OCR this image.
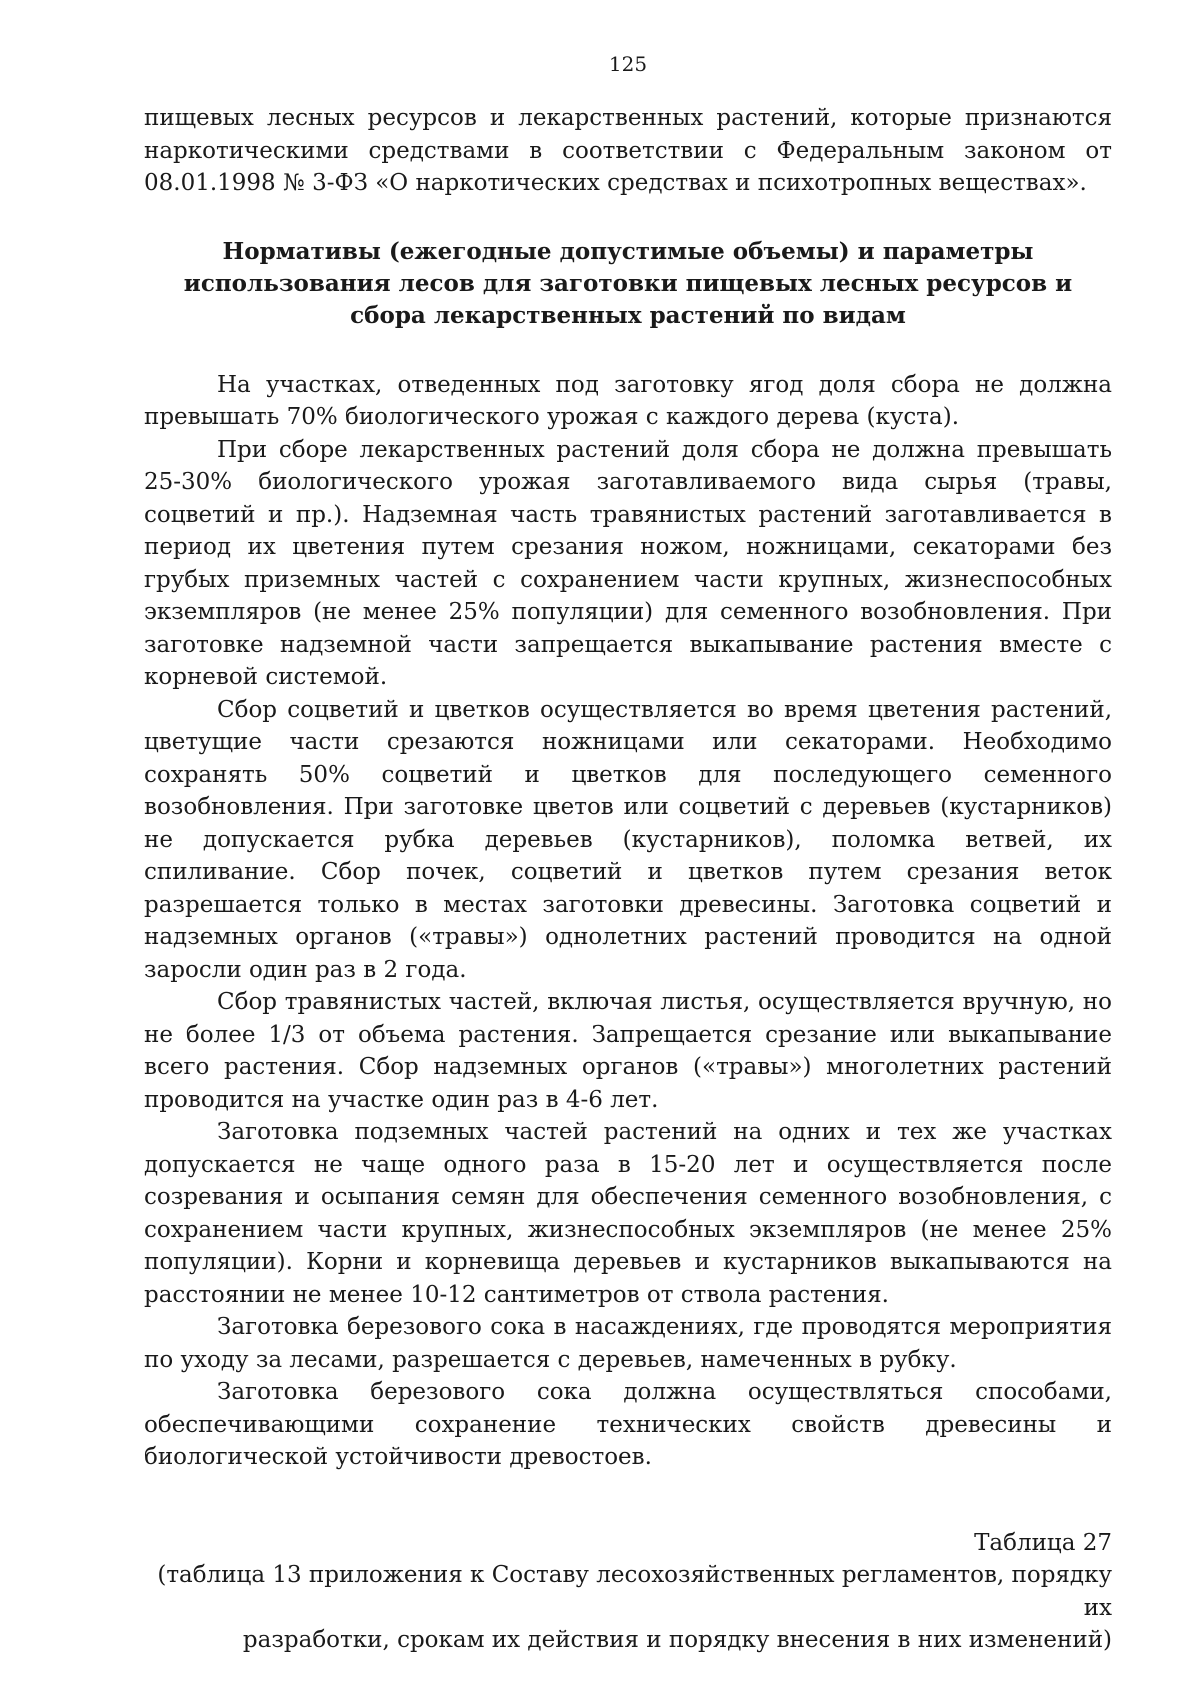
125

пищевых лесных ресурсов и лекарственных растений, которые признаются наркотическими средствами в соответствии с Федеральным законом от 08.01.1998 № 3-ФЗ «О наркотических средствах и психотропных веществах».

Нормативы (ежегодные допустимые объемы) и параметры использования лесов для заготовки пищевых лесных ресурсов и сбора лекарственных растений по видам

На участках, отведенных под заготовку ягод доля сбора не должна превышать 70% биологического урожая с каждого дерева (куста).

При сборе лекарственных растений доля сбора не должна превышать 25-30% биологического урожая заготавливаемого вида сырья (травы, соцветий и пр.). Надземная часть травянистых растений заготавливается в период их цветения путем срезания ножом, ножницами, секаторами без грубых приземных частей с сохранением части крупных, жизнеспособных экземпляров (не менее 25% популяции) для семенного возобновления. При заготовке надземной части запрещается выкапывание растения вместе с корневой системой.

Сбор соцветий и цветков осуществляется во время цветения растений, цветущие части срезаются ножницами или секаторами. Необходимо сохранять 50% соцветий и цветков для последующего семенного возобновления. При заготовке цветов или соцветий с деревьев (кустарников) не допускается рубка деревьев (кустарников), поломка ветвей, их спиливание. Сбор почек, соцветий и цветков путем срезания веток разрешается только в местах заготовки древесины. Заготовка соцветий и надземных органов («травы») однолетних растений проводится на одной заросли один раз в 2 года.

Сбор травянистых частей, включая листья, осуществляется вручную, но не более 1/3 от объема растения. Запрещается срезание или выкапывание всего растения. Сбор надземных органов («травы») многолетних растений проводится на участке один раз в 4-6 лет.

Заготовка подземных частей растений на одних и тех же участках допускается не чаще одного раза в 15-20 лет и осуществляется после созревания и осыпания семян для обеспечения семенного возобновления, с сохранением части крупных, жизнеспособных экземпляров (не менее 25% популяции). Корни и корневища деревьев и кустарников выкапываются на расстоянии не менее 10-12 сантиметров от ствола растения.

Заготовка березового сока в насаждениях, где проводятся мероприятия по уходу за лесами, разрешается с деревьев, намеченных в рубку.

Заготовка березового сока должна осуществляться способами, обеспечивающими сохранение технических свойств древесины и биологической устойчивости древостоев.

Таблица 27
(таблица 13 приложения к Составу лесохозяйственных регламентов, порядку их
разработки, срокам их действия и порядку внесения в них изменений)
